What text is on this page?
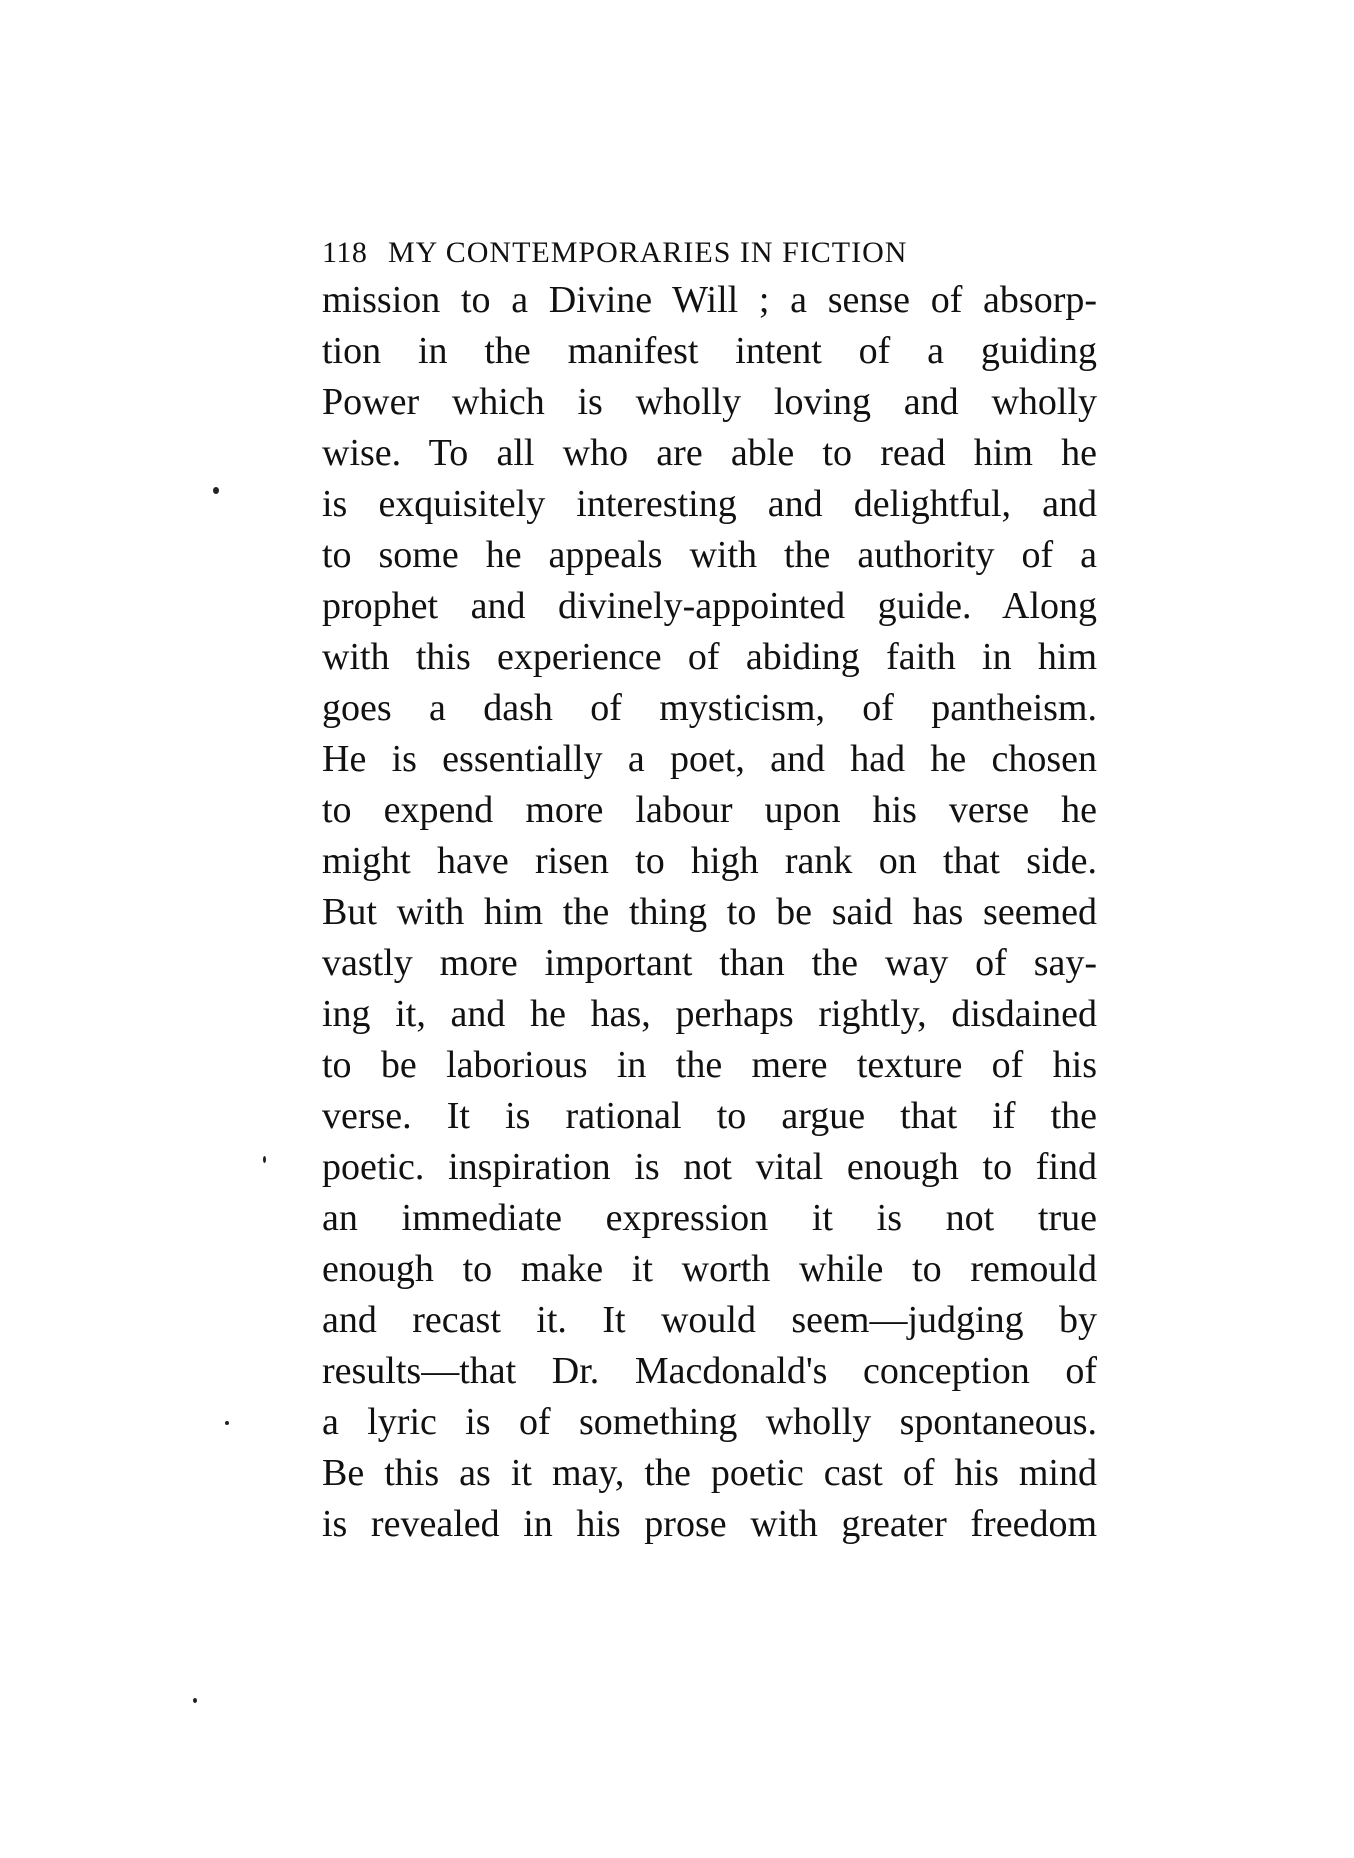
118 MY CONTEMPORARIES IN FICTION
mission to a Divine Will ; a sense of absorp-
tion in the manifest intent of a guiding
Power which is wholly loving and wholly
wise. To all who are able to read him he
is exquisitely interesting and delightful, and
to some he appeals with the authority of a
prophet and divinely-appointed guide. Along
with this experience of abiding faith in him
goes a dash of mysticism, of pantheism.
He is essentially a poet, and had he chosen
to expend more labour upon his verse he
might have risen to high rank on that side.
But with him the thing to be said has seemed
vastly more important than the way of say-
ing it, and he has, perhaps rightly, disdained
to be laborious in the mere texture of his
verse. It is rational to argue that if the
poetic. inspiration is not vital enough to find
an immediate expression it is not true
enough to make it worth while to remould
and recast it. It would seem—judging by
results—that Dr. Macdonald's conception of
a lyric is of something wholly spontaneous.
Be this as it may, the poetic cast of his mind
is revealed in his prose with greater freedom
